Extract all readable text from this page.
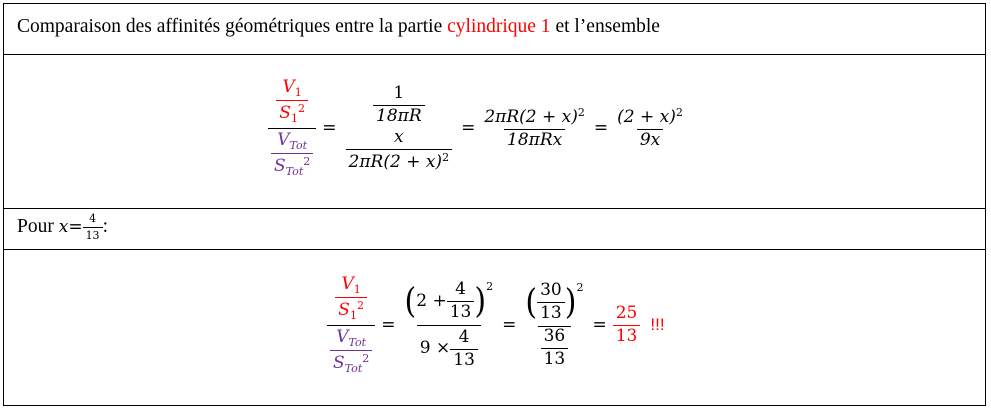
Comparaison des affinités géométriques entre la partie cylindrique 1 et l’ensemble
$\frac{\frac{V_1}{S_1^2}}{\frac{V_{Tot}}{S_{Tot}^2}}$ =
$\frac{1}{18\pi R}$
$\frac{x}{2\pi R(2 + x)^2}$
= $\frac{2\pi R(2 + x)^2}{\text{18πRx}} = \frac{(2 + x)^2}{9x}$
Pour
$x = \frac{4}{13}$ :
$\frac{\frac{V_1}{S_1^2}}{\frac{V_{Tot}}{S_{Tot}^2}} = \frac{( 2 + \frac{4}{13} )^2}{9 \times \frac{4}{13}} = \frac{( \frac{30}{13} )^2}{\frac{36}{13}} = \frac{25}{13}$ !!!
